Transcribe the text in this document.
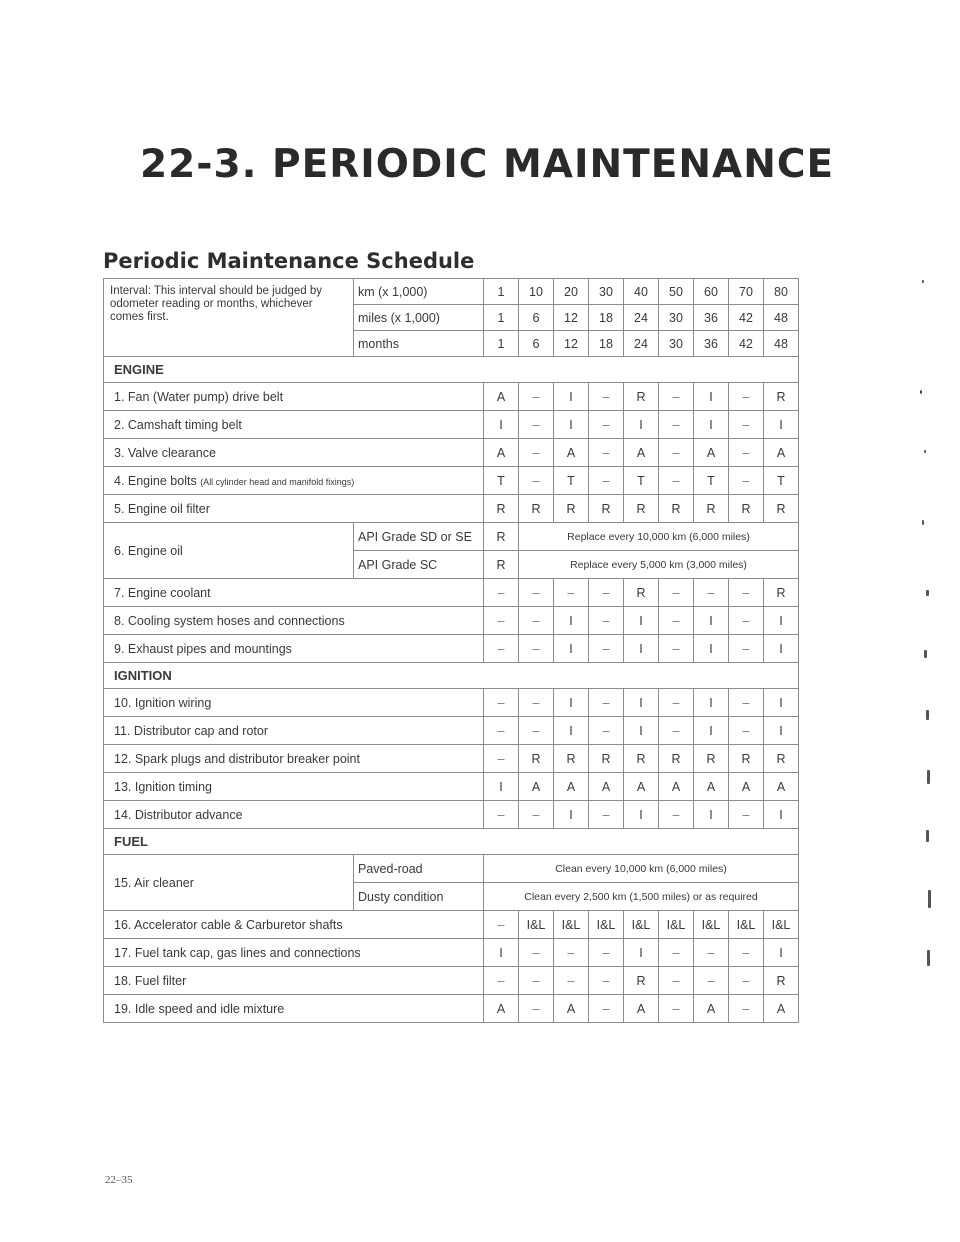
22-3. PERIODIC MAINTENANCE
Periodic Maintenance Schedule
Interval: This interval should be judged by odometer reading or months, whichever comes first.	km (x 1,000)	1	10	20	30	40	50	60	70	80
	miles (x 1,000)	1	6	12	18	24	30	36	42	48
	months	1	6	12	18	24	30	36	42	48
ENGINE										
1. Fan (Water pump) drive belt		A	–	I	–	R	–	I	–	R
2. Camshaft timing belt		I	–	I	–	I	–	I	–	I
3. Valve clearance		A	–	A	–	A	–	A	–	A
4. Engine bolts (All cylinder head and manifold fixings)		T	–	T	–	T	–	T	–	T
5. Engine oil filter		R	R	R	R	R	R	R	R	R
6. Engine oil	API Grade SD or SE	R	Replace every 10,000 km (6,000 miles)							
	API Grade SC	R	Replace every 5,000 km (3,000 miles)							
7. Engine coolant		–	–	–	–	R	–	–	–	R
8. Cooling system hoses and connections		–	–	I	–	I	–	I	–	I
9. Exhaust pipes and mountings		–	–	I	–	I	–	I	–	I
IGNITION										
10. Ignition wiring		–	–	I	–	I	–	I	–	I
11. Distributor cap and rotor		–	–	I	–	I	–	I	–	I
12. Spark plugs and distributor breaker point		–	R	R	R	R	R	R	R	R
13. Ignition timing		I	A	A	A	A	A	A	A	A
14. Distributor advance		–	–	I	–	I	–	I	–	I
FUEL										
15. Air cleaner	Paved-road	Clean every 10,000 km (6,000 miles)								
	Dusty condition	Clean every 2,500 km (1,500 miles) or as required								
16. Accelerator cable & Carburetor shafts		–	I&L	I&L	I&L	I&L	I&L	I&L	I&L	I&L
17. Fuel tank cap, gas lines and connections		I	–	–	–	I	–	–	–	I
18. Fuel filter		–	–	–	–	R	–	–	–	R
19. Idle speed and idle mixture		A	–	A	–	A	–	A	–	A

22–35
